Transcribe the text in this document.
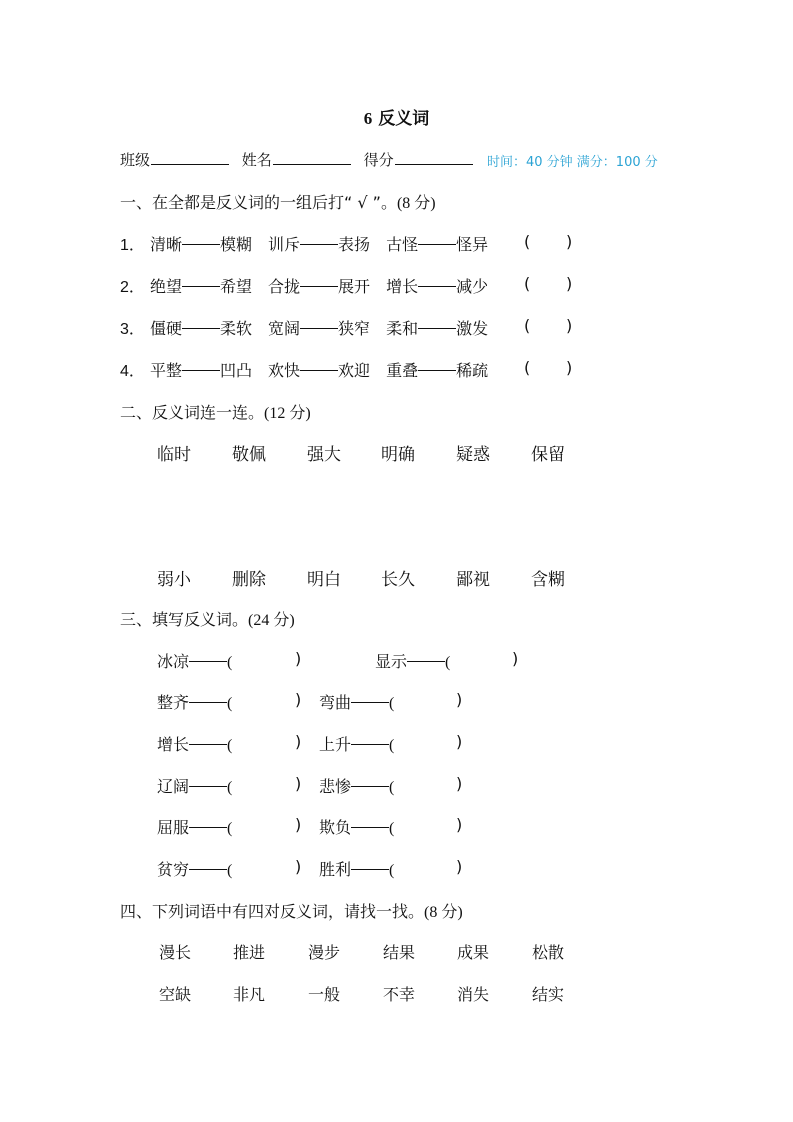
6 反义词
班级	姓名	得分	时间：40 分钟 满分：100 分
一、在全都是反义词的一组后打“ √ ”。(8 分)
1． 清晰 模糊 训斥 表扬 古怪 怪异	( )
2． 绝望 希望 合拢 展开 增长 减少	( )
3． 僵硬 柔软 宽阔 狭窄 柔和 激发	( )
4． 平整 凹凸 欢快 欢迎 重叠 稀疏	( )
二、反义词连一连。(12 分)
临时 敬佩 强大 明确 疑惑 保留
弱小 删除 明白 长久 鄙视 含糊
三、填写反义词。(24 分)
冰凉 (	)	显示 (	)
整齐 (	) 弯曲 (	)
增长 (	) 上升 (	)
辽阔 (	) 悲惨 (	)
屈服 (	) 欺负 (	)
贫穷 (	) 胜利 (	)
四、下列词语中有四对反义词，请找一找。(8 分)
漫长	推进	漫步	结果	成果	松散
空缺	非凡	一般	不幸	消失	结实
